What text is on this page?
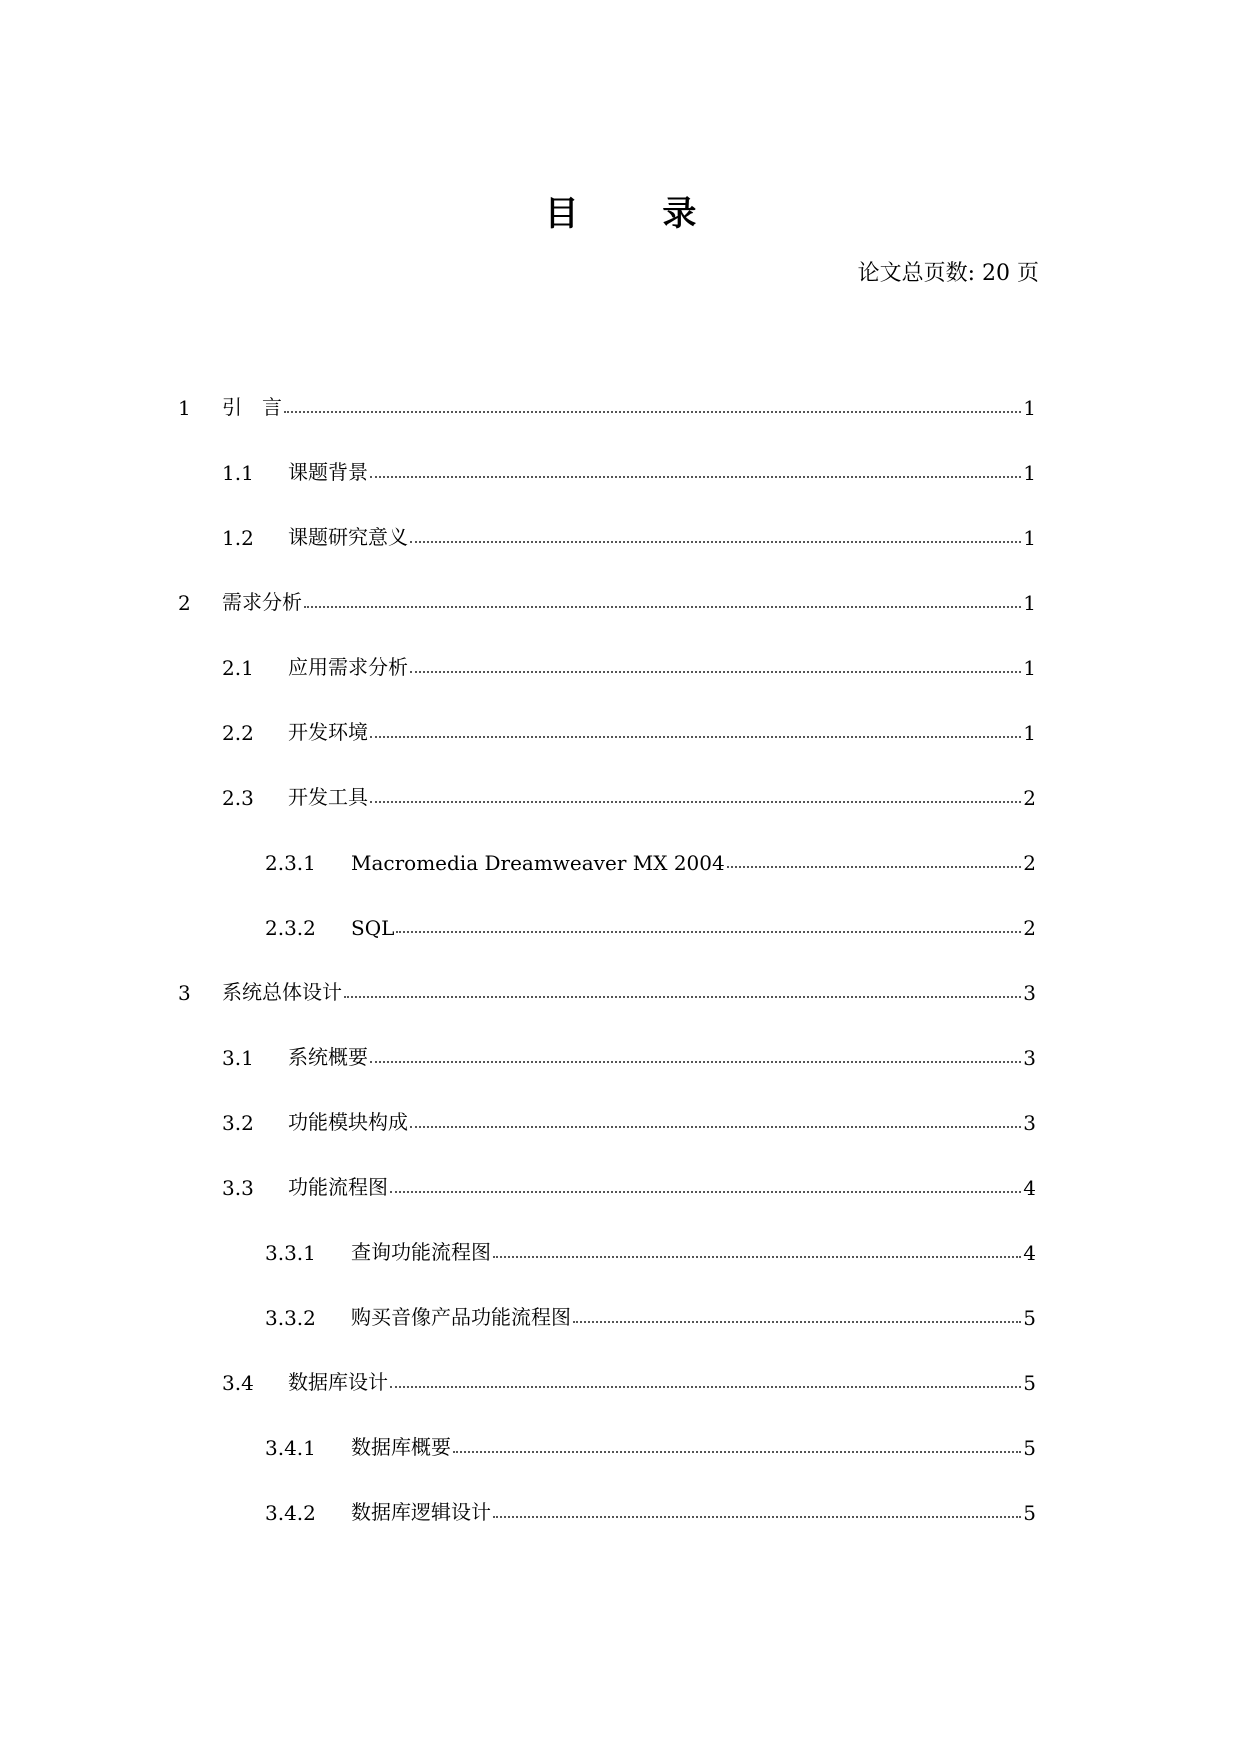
目 录
论文总页数: 20 页
1	引　言	1
1.1	课题背景	1
1.2	课题研究意义	1
2	需求分析	1
2.1	应用需求分析	1
2.2	开发环境	1
2.3	开发工具	2
2.3.1	Macromedia Dreamweaver MX 2004	2
2.3.2	SQL	2
3	系统总体设计	3
3.1	系统概要	3
3.2	功能模块构成	3
3.3	功能流程图	4
3.3.1	查询功能流程图	4
3.3.2	购买音像产品功能流程图	5
3.4	数据库设计	5
3.4.1	数据库概要	5
3.4.2	数据库逻辑设计	5
